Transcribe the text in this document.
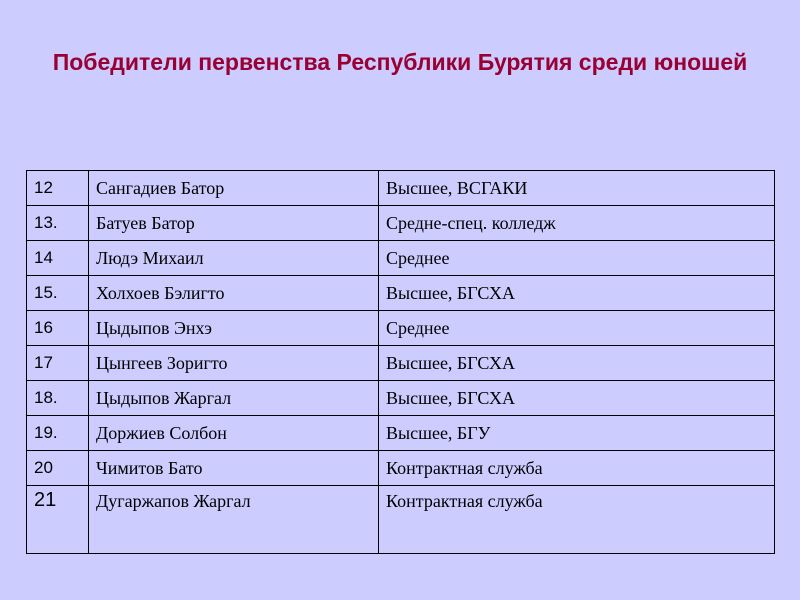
Победители первенства Республики Бурятия среди юношей
12	Сангадиев Батор	Высшее, ВСГАКИ
13.	Батуев Батор	Средне-спец. колледж
14	Людэ Михаил	Среднее
15.	Холхоев Бэлигто	Высшее, БГСХА
16	Цыдыпов Энхэ	Среднее
17	Цынгеев Зоригто	Высшее, БГСХА
18.	Цыдыпов Жаргал	Высшее, БГСХА
19.	Доржиев Солбон	Высшее, БГУ
20	Чимитов Бато	Контрактная служба
21	Дугаржапов Жаргал	Контрактная служба
